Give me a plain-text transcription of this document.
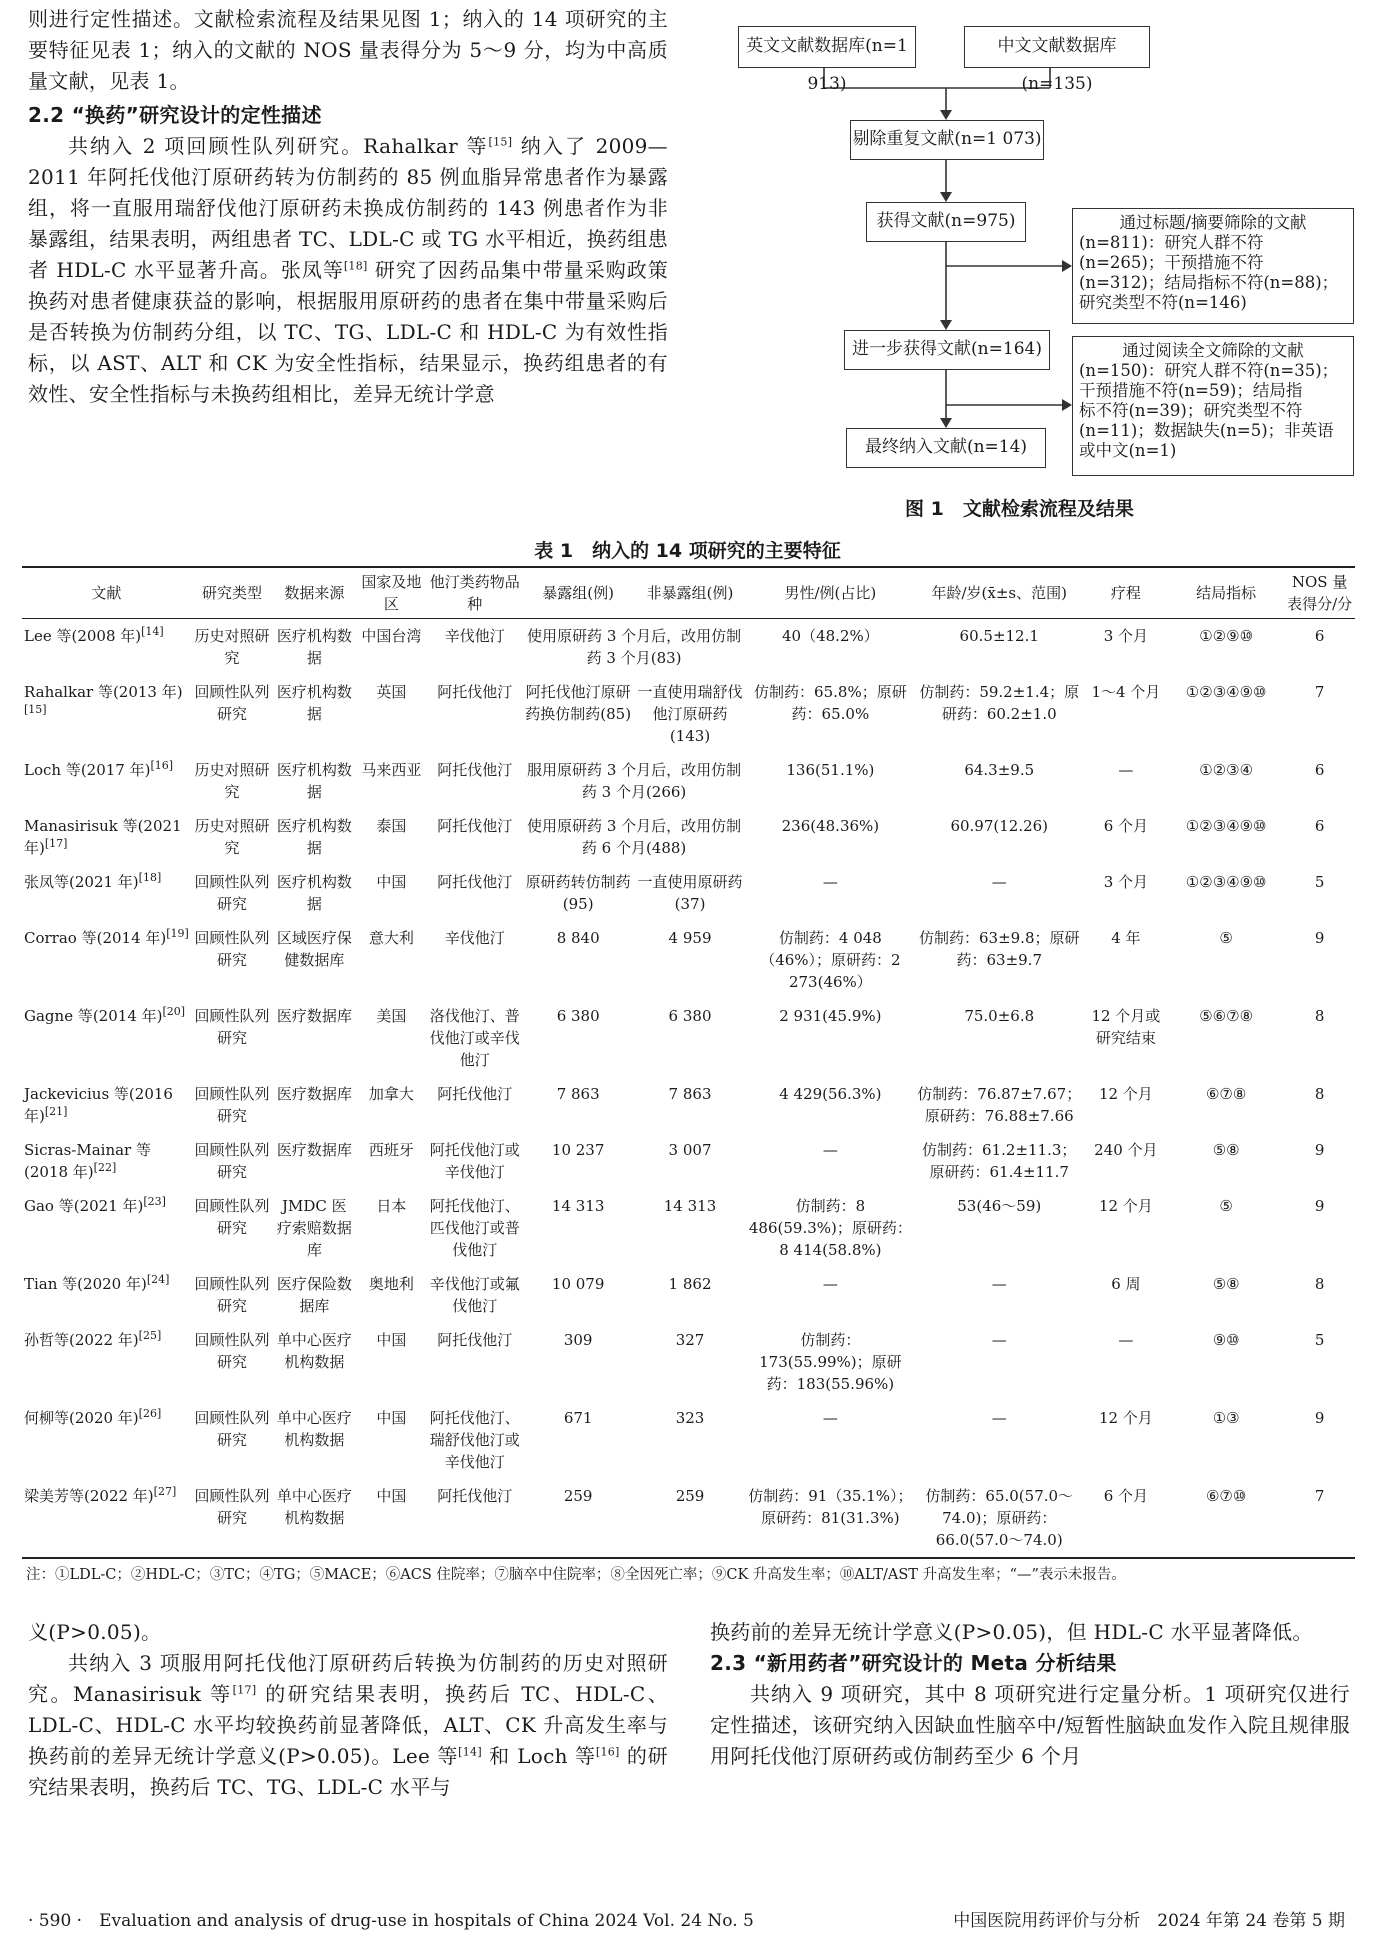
则进行定性描述。文献检索流程及结果见图 1；纳入的 14 项研究的主要特征见表 1；纳入的文献的 NOS 量表得分为 5～9 分，均为中高质量文献，见表 1。

2.2 “换药”研究设计的定性描述

共纳入 2 项回顾性队列研究。Rahalkar 等[15] 纳入了 2009—2011 年阿托伐他汀原研药转为仿制药的 85 例血脂异常患者作为暴露组，将一直服用瑞舒伐他汀原研药未换成仿制药的 143 例患者作为非暴露组，结果表明，两组患者 TC、LDL-C 或 TG 水平相近，换药组患者 HDL-C 水平显著升高。张凤等[18] 研究了因药品集中带量采购政策换药对患者健康获益的影响，根据服用原研药的患者在集中带量采购后是否转换为仿制药分组，以 TC、TG、LDL-C 和 HDL-C 为有效性指标，以 AST、ALT 和 CK 为安全性指标，结果显示，换药组患者的有效性、安全性指标与未换药组相比，差异无统计学意

英文文献数据库(n=1 913)
中文文献数据库(n=135)
剔除重复文献(n=1 073)
获得文献(n=975)	通过标题/摘要筛除的文献
(n=811)：研究人群不符
(n=265)；干预措施不符
(n=312)；结局指标不符(n=88)；
研究类型不符(n=146)
进一步获得文献(n=164)	通过阅读全文筛除的文献
(n=150)：研究人群不符(n=35)；
干预措施不符(n=59)；结局指
标不符(n=39)；研究类型不符
(n=11)；数据缺失(n=5)；非英语
或中文(n=1)
最终纳入文献(n=14)
图 1　文献检索流程及结果
表 1　纳入的 14 项研究的主要特征
文献	研究类型	数据来源	国家及地区	他汀类药物品种	暴露组(例)	非暴露组(例)	男性/例(占比)	年龄/岁(x̄±s、范围)	疗程	结局指标	NOS 量表得分/分
Lee 等(2008 年)[14]	历史对照研究	医疗机构数据	中国台湾	辛伐他汀	使用原研药 3 个月后，改用仿制药 3 个月(83)		40（48.2%）	60.5±12.1	3 个月	①②⑨⑩	6
Rahalkar 等(2013 年)[15]	回顾性队列研究	医疗机构数据	英国	阿托伐他汀	阿托伐他汀原研药换仿制药(85)	一直使用瑞舒伐他汀原研药(143)	仿制药：65.8%；原研药：65.0%	仿制药：59.2±1.4；原研药：60.2±1.0	1～4 个月	①②③④⑨⑩	7
Loch 等(2017 年)[16]	历史对照研究	医疗机构数据	马来西亚	阿托伐他汀	服用原研药 3 个月后，改用仿制药 3 个月(266)		136(51.1%)	64.3±9.5	—	①②③④	6
Manasirisuk 等(2021 年)[17]	历史对照研究	医疗机构数据	泰国	阿托伐他汀	使用原研药 3 个月后，改用仿制药 6 个月(488)		236(48.36%)	60.97(12.26)	6 个月	①②③④⑨⑩	6
张凤等(2021 年)[18]	回顾性队列研究	医疗机构数据	中国	阿托伐他汀	原研药转仿制药(95)	一直使用原研药(37)	—	—	3 个月	①②③④⑨⑩	5
Corrao 等(2014 年)[19]	回顾性队列研究	区域医疗保健数据库	意大利	辛伐他汀	8 840	4 959	仿制药：4 048（46%）；原研药：2 273(46%）	仿制药：63±9.8；原研药：63±9.7	4 年	⑤	9
Gagne 等(2014 年)[20]	回顾性队列研究	医疗数据库	美国	洛伐他汀、普伐他汀或辛伐他汀	6 380	6 380	2 931(45.9%)	75.0±6.8	12 个月或研究结束	⑤⑥⑦⑧	8
Jackevicius 等(2016 年)[21]	回顾性队列研究	医疗数据库	加拿大	阿托伐他汀	7 863	7 863	4 429(56.3%)	仿制药：76.87±7.67；原研药：76.88±7.66	12 个月	⑥⑦⑧	8
Sicras-Mainar 等(2018 年)[22]	回顾性队列研究	医疗数据库	西班牙	阿托伐他汀或辛伐他汀	10 237	3 007	—	仿制药：61.2±11.3；原研药：61.4±11.7	240 个月	⑤⑧	9
Gao 等(2021 年)[23]	回顾性队列研究	JMDC 医疗索赔数据库	日本	阿托伐他汀、匹伐他汀或普伐他汀	14 313	14 313	仿制药：8 486(59.3%)；原研药：8 414(58.8%)	53(46～59)	12 个月	⑤	9
Tian 等(2020 年)[24]	回顾性队列研究	医疗保险数据库	奥地利	辛伐他汀或氟伐他汀	10 079	1 862	—	—	6 周	⑤⑧	8
孙哲等(2022 年)[25]	回顾性队列研究	单中心医疗机构数据	中国	阿托伐他汀	309	327	仿制药：173(55.99%)；原研药：183(55.96%)	—	—	⑨⑩	5
何柳等(2020 年)[26]	回顾性队列研究	单中心医疗机构数据	中国	阿托伐他汀、瑞舒伐他汀或辛伐他汀	671	323	—	—	12 个月	①③	9
梁美芳等(2022 年)[27]	回顾性队列研究	单中心医疗机构数据	中国	阿托伐他汀	259	259	仿制药：91（35.1%）；原研药：81(31.3%)	仿制药：65.0(57.0～74.0)；原研药：66.0(57.0～74.0)	6 个月	⑥⑦⑩	7
注：①LDL-C；②HDL-C；③TC；④TG；⑤MACE；⑥ACS 住院率；⑦脑卒中住院率；⑧全因死亡率；⑨CK 升高发生率；⑩ALT/AST 升高发生率；“—”表示未报告。

义(P>0.05)。

共纳入 3 项服用阿托伐他汀原研药后转换为仿制药的历史对照研究。Manasirisuk 等[17] 的研究结果表明，换药后 TC、HDL-C、LDL-C、HDL-C 水平均较换药前显著降低，ALT、CK 升高发生率与换药前的差异无统计学意义(P>0.05)。Lee 等[14] 和 Loch 等[16] 的研究结果表明，换药后 TC、TG、LDL-C 水平与

换药前的差异无统计学意义(P>0.05)，但 HDL-C 水平显著降低。

2.3 “新用药者”研究设计的 Meta 分析结果

共纳入 9 项研究，其中 8 项研究进行定量分析。1 项研究仅进行定性描述，该研究纳入因缺血性脑卒中/短暂性脑缺血发作入院且规律服用阿托伐他汀原研药或仿制药至少 6 个月

· 590 ·　Evaluation and analysis of drug-use in hospitals of China 2024 Vol. 24 No. 5	中国医院用药评价与分析　2024 年第 24 卷第 5 期
